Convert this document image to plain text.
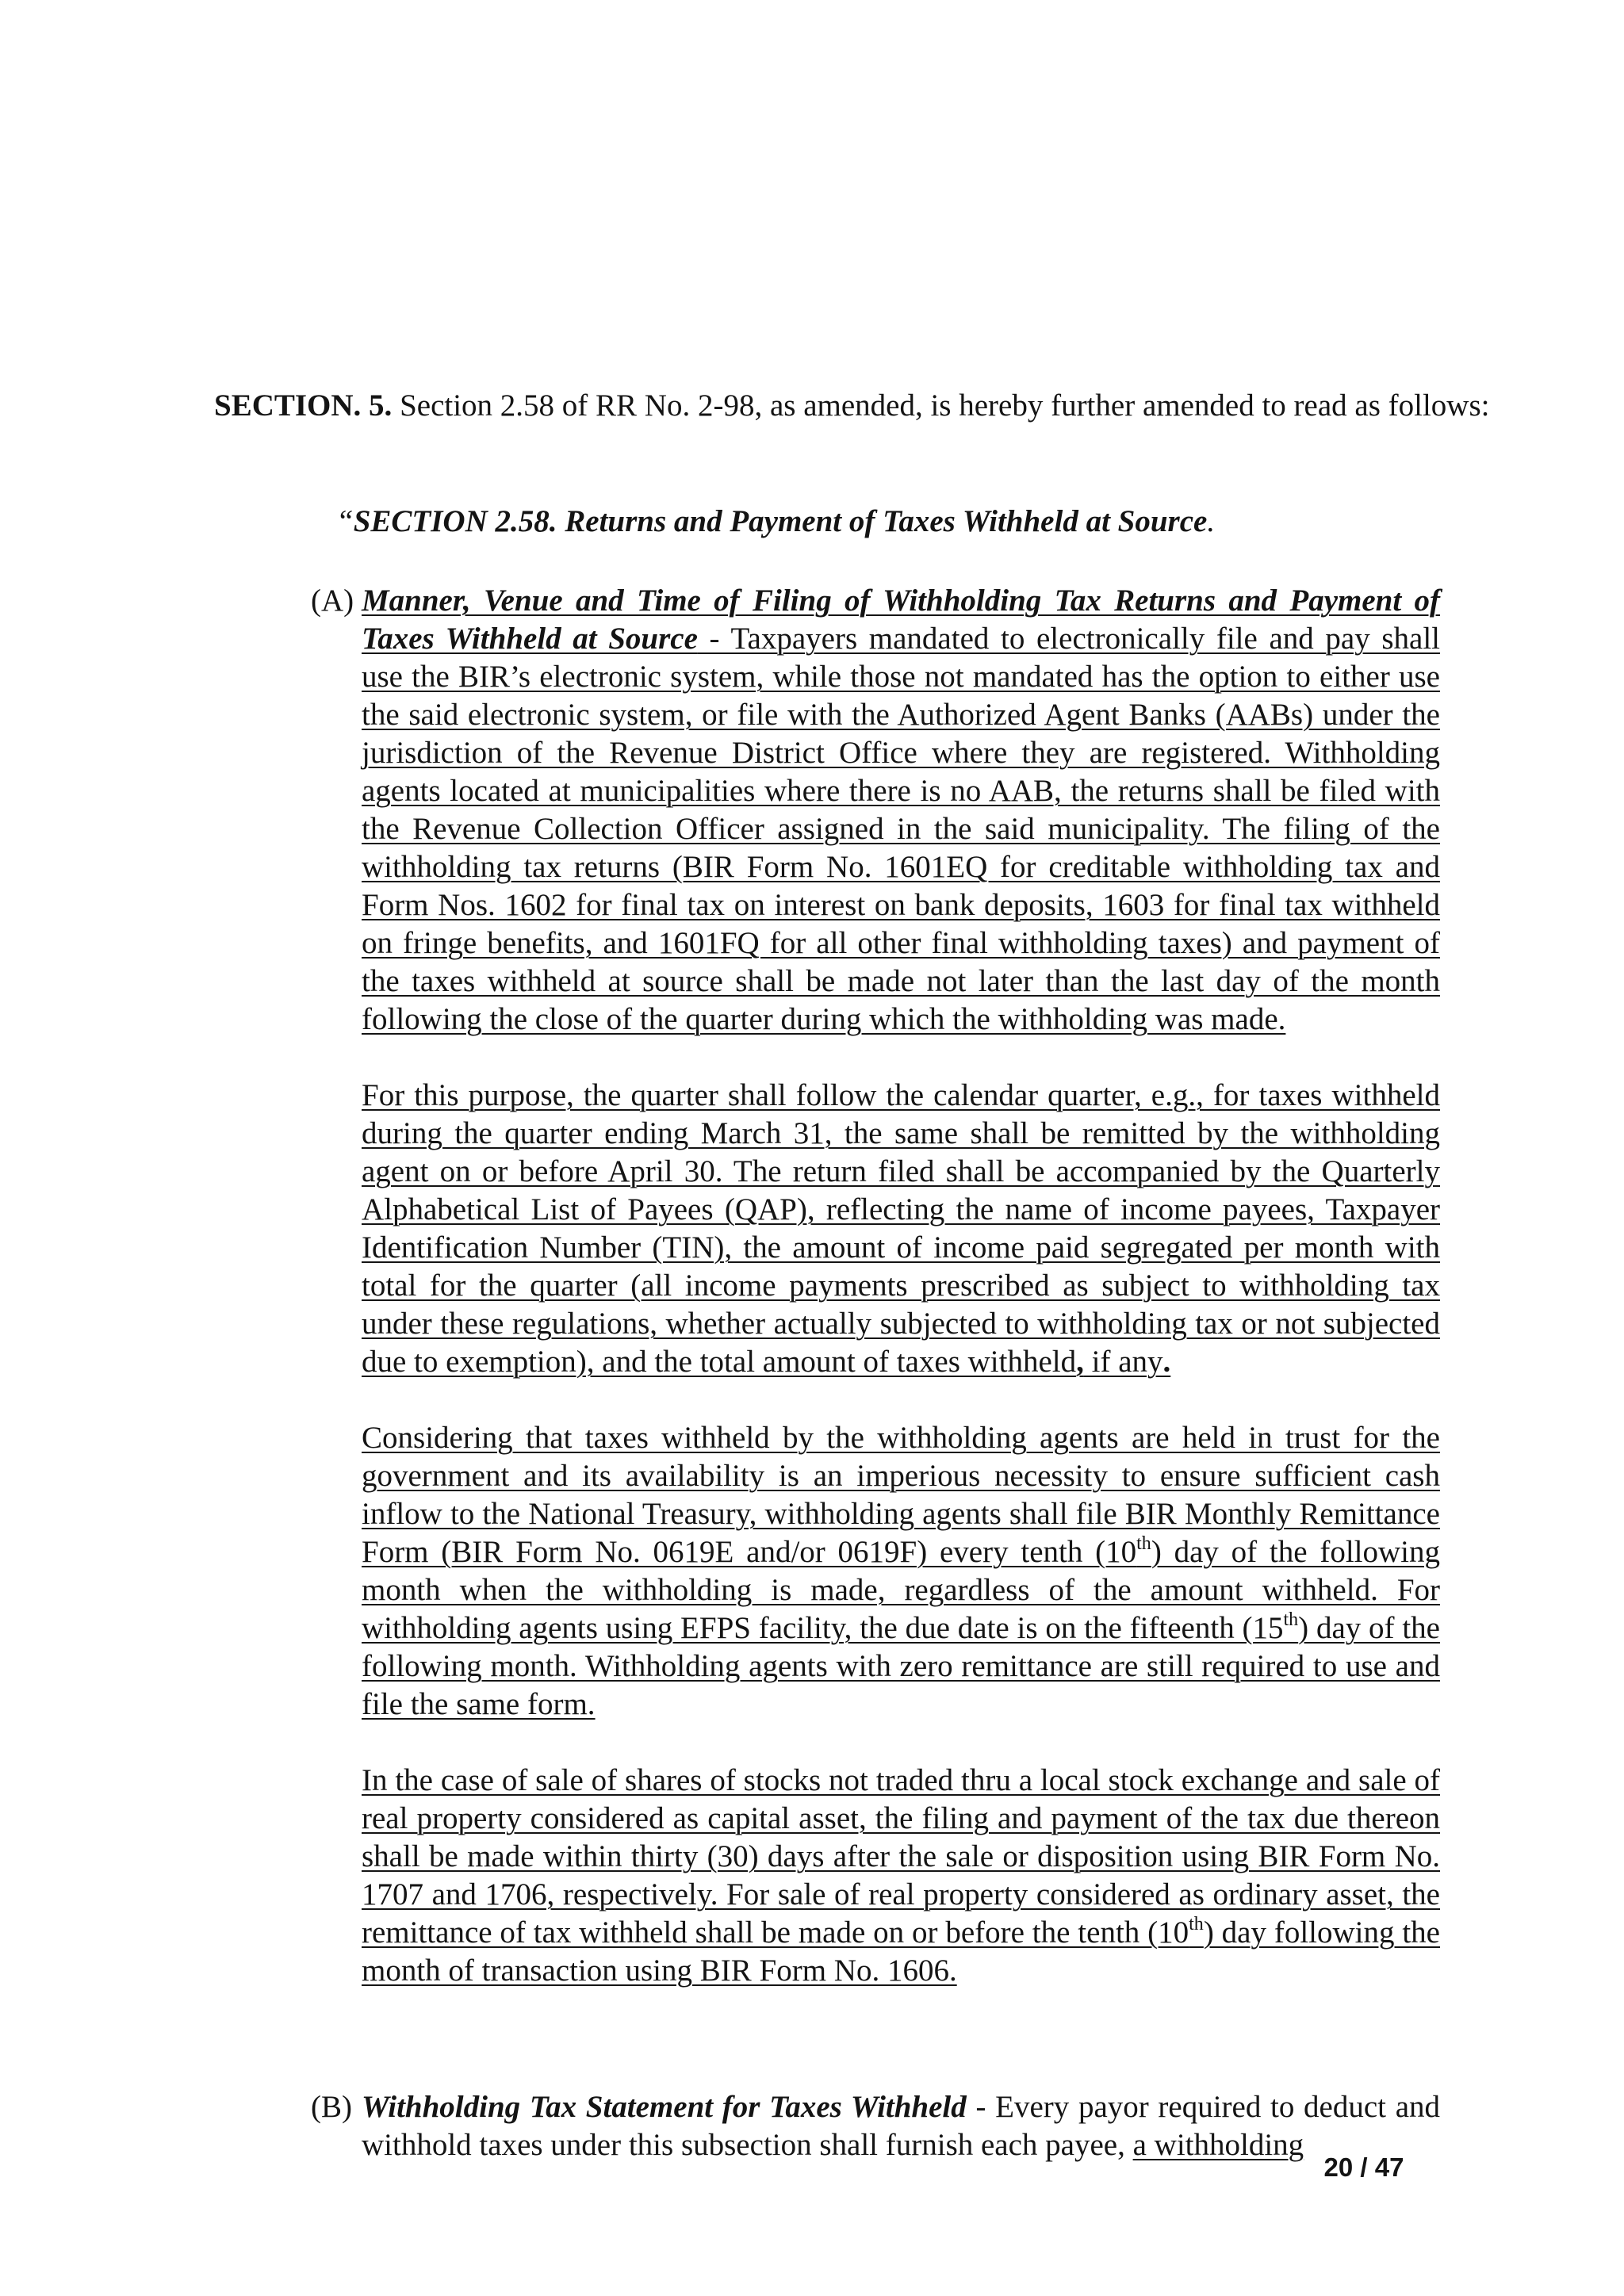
SECTION. 5. Section 2.58 of RR No. 2-98, as amended, is hereby further amended to read as follows:
“SECTION 2.58. Returns and Payment of Taxes Withheld at Source.
(A) Manner, Venue and Time of Filing of Withholding Tax Returns and Payment of Taxes Withheld at Source - Taxpayers mandated to electronically file and pay shall use the BIR’s electronic system, while those not mandated has the option to either use the said electronic system, or file with the Authorized Agent Banks (AABs) under the jurisdiction of the Revenue District Office where they are registered. Withholding agents located at municipalities where there is no AAB, the returns shall be filed with the Revenue Collection Officer assigned in the said municipality. The filing of the withholding tax returns (BIR Form No. 1601EQ for creditable withholding tax and Form Nos. 1602 for final tax on interest on bank deposits, 1603 for final tax withheld on fringe benefits, and 1601FQ for all other final withholding taxes) and payment of the taxes withheld at source shall be made not later than the last day of the month following the close of the quarter during which the withholding was made.

For this purpose, the quarter shall follow the calendar quarter, e.g., for taxes withheld during the quarter ending March 31, the same shall be remitted by the withholding agent on or before April 30. The return filed shall be accompanied by the Quarterly Alphabetical List of Payees (QAP), reflecting the name of income payees, Taxpayer Identification Number (TIN), the amount of income paid segregated per month with total for the quarter (all income payments prescribed as subject to withholding tax under these regulations, whether actually subjected to withholding tax or not subjected due to exemption), and the total amount of taxes withheld, if any.

Considering that taxes withheld by the withholding agents are held in trust for the government and its availability is an imperious necessity to ensure sufficient cash inflow to the National Treasury, withholding agents shall file BIR Monthly Remittance Form (BIR Form No. 0619E and/or 0619F) every tenth (10th) day of the following month when the withholding is made, regardless of the amount withheld. For withholding agents using EFPS facility, the due date is on the fifteenth (15th) day of the following month. Withholding agents with zero remittance are still required to use and file the same form.

In the case of sale of shares of stocks not traded thru a local stock exchange and sale of real property considered as capital asset, the filing and payment of the tax due thereon shall be made within thirty (30) days after the sale or disposition using BIR Form No. 1707 and 1706, respectively. For sale of real property considered as ordinary asset, the remittance of tax withheld shall be made on or before the tenth (10th) day following the month of transaction using BIR Form No. 1606.

(B) Withholding Tax Statement for Taxes Withheld - Every payor required to deduct and withhold taxes under this subsection shall furnish each payee, a withholding
20 / 47
